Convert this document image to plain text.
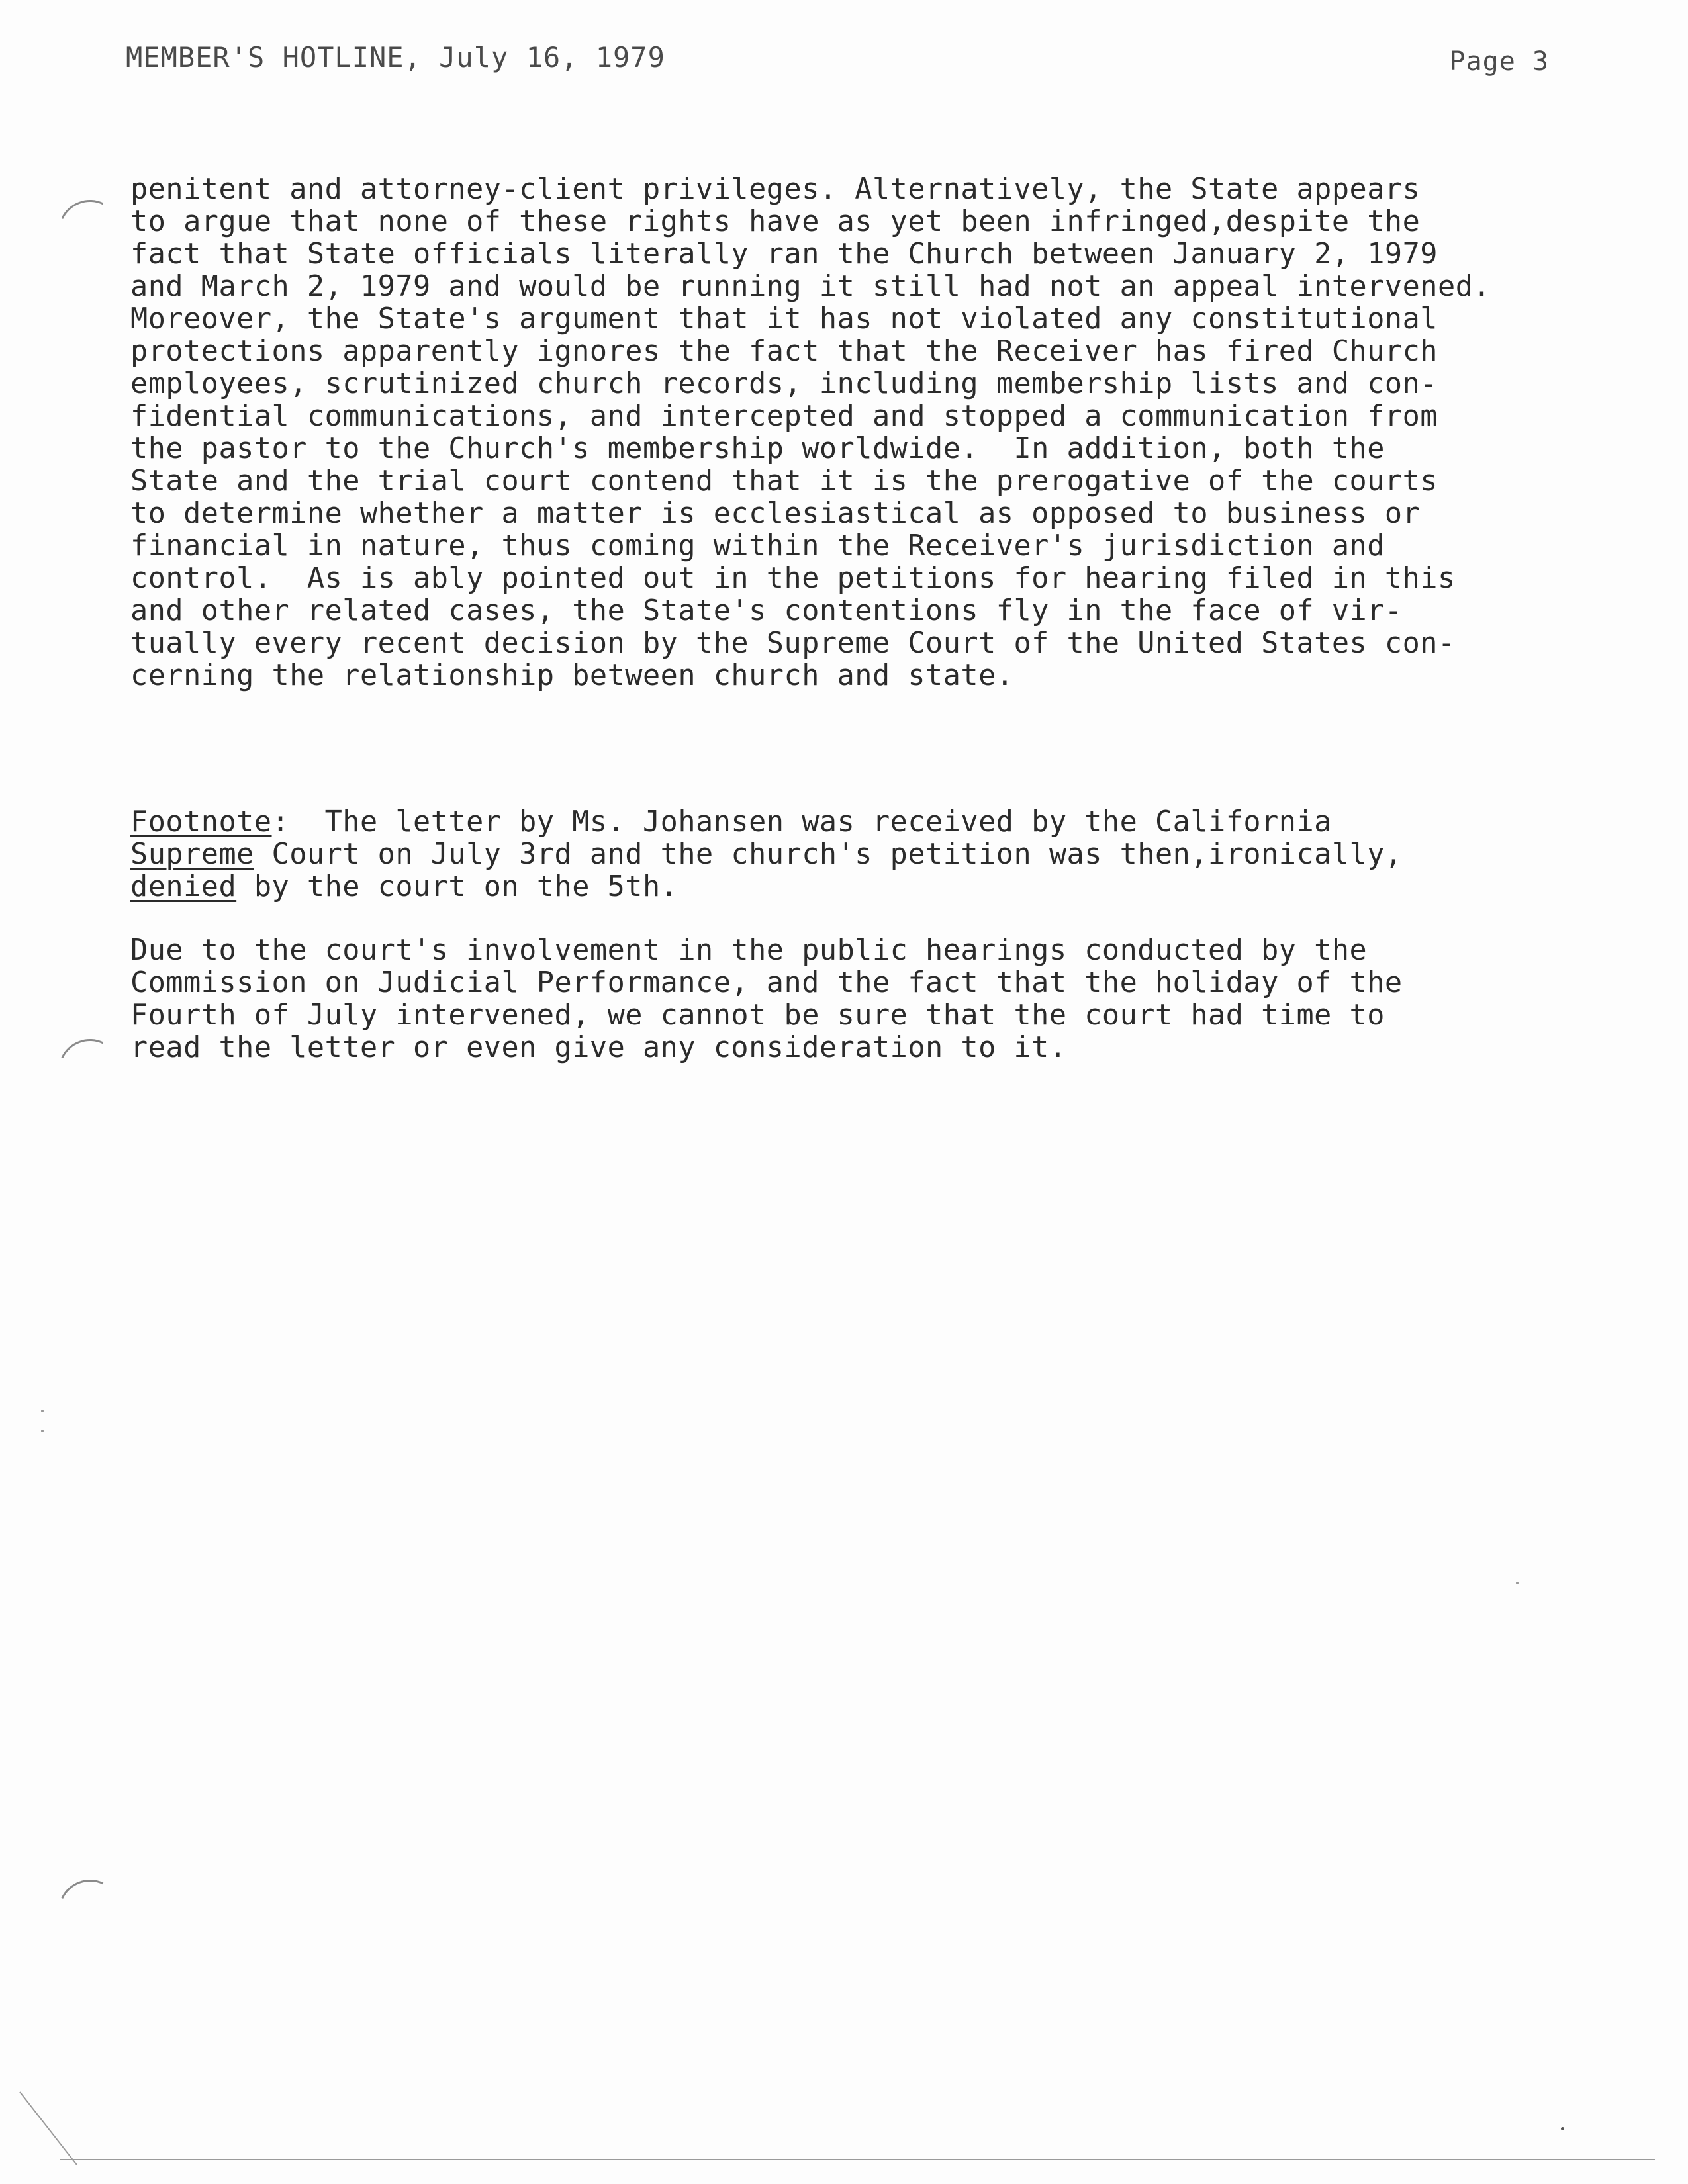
MEMBER'S HOTLINE, July 16, 1979	Page 3
penitent and attorney-client privileges. Alternatively, the State appears
to argue that none of these rights have as yet been infringed,despite the
fact that State officials literally ran the Church between January 2, 1979
and March 2, 1979 and would be running it still had not an appeal intervened.
Moreover, the State's argument that it has not violated any constitutional
protections apparently ignores the fact that the Receiver has fired Church
employees, scrutinized church records, including membership lists and con-
fidential communications, and intercepted and stopped a communication from
the pastor to the Church's membership worldwide.  In addition, both the
State and the trial court contend that it is the prerogative of the courts
to determine whether a matter is ecclesiastical as opposed to business or
financial in nature, thus coming within the Receiver's jurisdiction and
control.  As is ably pointed out in the petitions for hearing filed in this
and other related cases, the State's contentions fly in the face of vir-
tually every recent decision by the Supreme Court of the United States con-
cerning the relationship between church and state.
Footnote:  The letter by Ms. Johansen was received by the California
Supreme Court on July 3rd and the church's petition was then,ironically,
denied by the court on the 5th.
Due to the court's involvement in the public hearings conducted by the
Commission on Judicial Performance, and the fact that the holiday of the
Fourth of July intervened, we cannot be sure that the court had time to
read the letter or even give any consideration to it.
